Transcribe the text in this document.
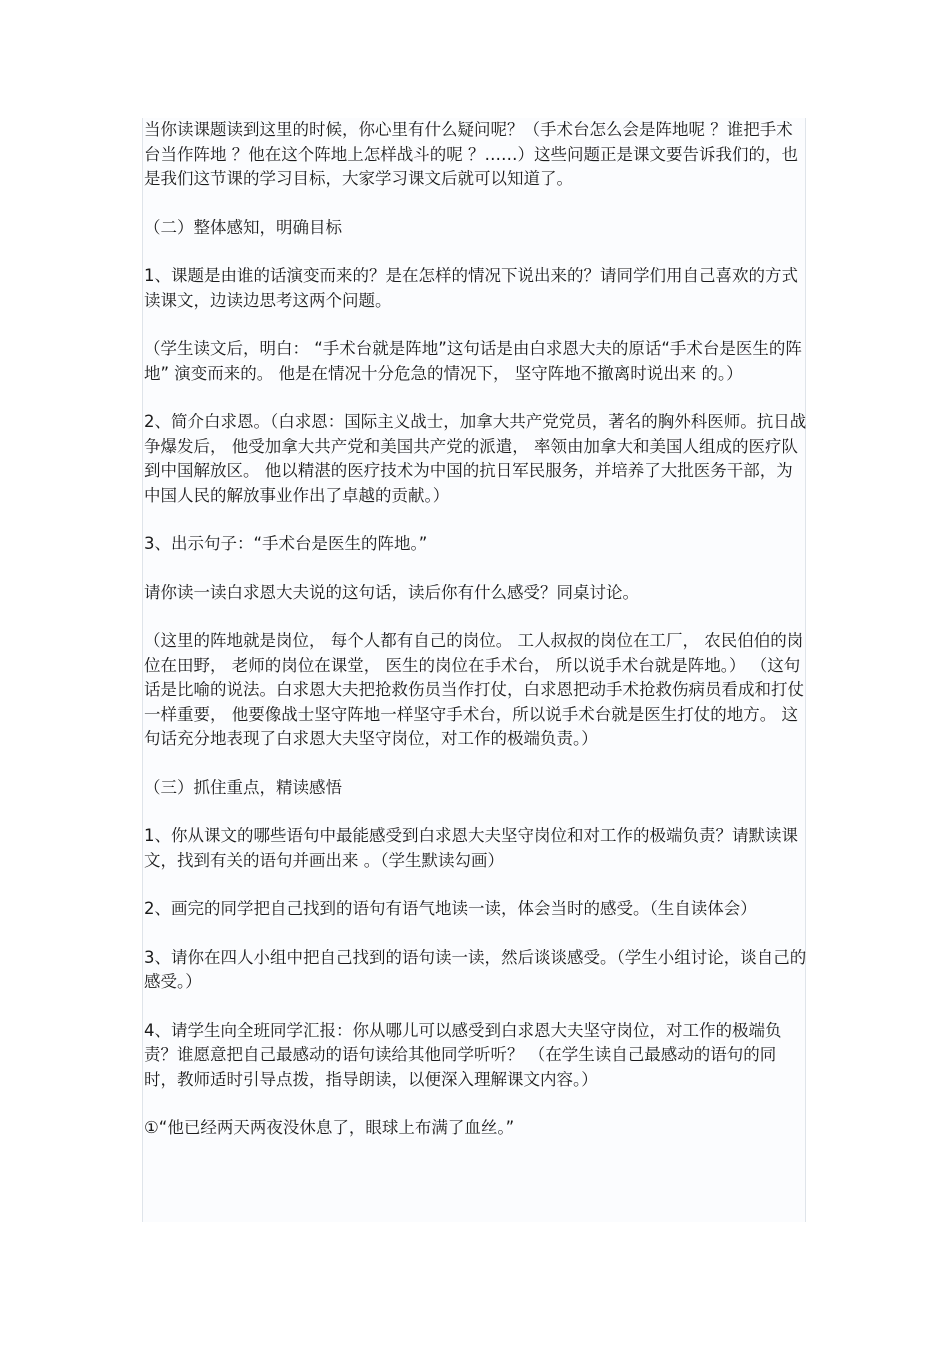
当你读课题读到这里的时候，你心里有什么疑问呢？（手术台怎么会是阵地呢 ？谁把手术台当作阵地 ？他在这个阵地上怎样战斗的呢 ？……）这些问题正是课文要告诉我们的，也是我们这节课的学习目标，大家学习课文后就可以知道了。

（二）整体感知，明确目标

1、课题是由谁的话演变而来的？是在怎样的情况下说出来的？请同学们用自己喜欢的方式读课文，边读边思考这两个问题。

（学生读文后，明白： “手术台就是阵地”这句话是由白求恩大夫的原话“手术台是医生的阵地” 演变而来的。 他是在情况十分危急的情况下， 坚守阵地不撤离时说出来 的。）

2、简介白求恩。（白求恩：国际主义战士，加拿大共产党党员，著名的胸外科医师。抗日战争爆发后， 他受加拿大共产党和美国共产党的派遣， 率领由加拿大和美国人组成的医疗队到中国解放区。 他以精湛的医疗技术为中国的抗日军民服务，并培养了大批医务干部，为中国人民的解放事业作出了卓越的贡献。）

3、出示句子：“手术台是医生的阵地。”

请你读一读白求恩大夫说的这句话，读后你有什么感受？同桌讨论。

（这里的阵地就是岗位， 每个人都有自己的岗位。 工人叔叔的岗位在工厂， 农民伯伯的岗位在田野， 老师的岗位在课堂， 医生的岗位在手术台， 所以说手术台就是阵地。） （这句话是比喻的说法。白求恩大夫把抢救伤员当作打仗，白求恩把动手术抢救伤病员看成和打仗一样重要， 他要像战士坚守阵地一样坚守手术台，所以说手术台就是医生打仗的地方。 这句话充分地表现了白求恩大夫坚守岗位，对工作的极端负责。）

（三）抓住重点，精读感悟

1、你从课文的哪些语句中最能感受到白求恩大夫坚守岗位和对工作的极端负责？请默读课文，找到有关的语句并画出来 。（学生默读勾画）

2、画完的同学把自己找到的语句有语气地读一读，体会当时的感受。（生自读体会）

3、请你在四人小组中把自己找到的语句读一读，然后谈谈感受。（学生小组讨论，谈自己的感受。）

4、请学生向全班同学汇报：你从哪儿可以感受到白求恩大夫坚守岗位，对工作的极端负责？谁愿意把自己最感动的语句读给其他同学听听？ （在学生读自己最感动的语句的同时，教师适时引导点拨，指导朗读，以便深入理解课文内容。）

①“他已经两天两夜没休息了，眼球上布满了血丝。”
